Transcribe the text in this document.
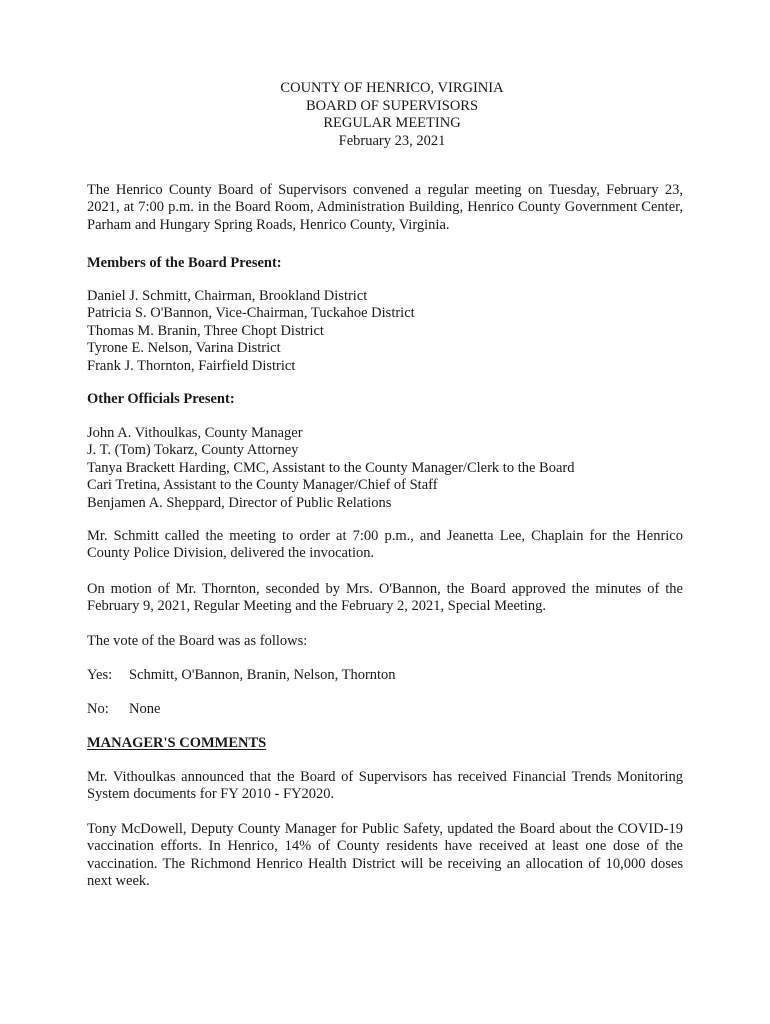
COUNTY OF HENRICO, VIRGINIA
BOARD OF SUPERVISORS
REGULAR MEETING
February 23, 2021
The Henrico County Board of Supervisors convened a regular meeting on Tuesday, February 23, 2021, at 7:00 p.m. in the Board Room, Administration Building, Henrico County Government Center, Parham and Hungary Spring Roads, Henrico County, Virginia.
Members of the Board Present:
Daniel J. Schmitt, Chairman, Brookland District
Patricia S. O'Bannon, Vice-Chairman, Tuckahoe District
Thomas M. Branin, Three Chopt District
Tyrone E. Nelson, Varina District
Frank J. Thornton, Fairfield District
Other Officials Present:
John A. Vithoulkas, County Manager
J. T. (Tom) Tokarz, County Attorney
Tanya Brackett Harding, CMC, Assistant to the County Manager/Clerk to the Board
Cari Tretina, Assistant to the County Manager/Chief of Staff
Benjamen A. Sheppard, Director of Public Relations
Mr. Schmitt called the meeting to order at 7:00 p.m., and Jeanetta Lee, Chaplain for the Henrico County Police Division, delivered the invocation.
On motion of Mr. Thornton, seconded by Mrs. O'Bannon, the Board approved the minutes of the February 9, 2021, Regular Meeting and the February 2, 2021, Special Meeting.
The vote of the Board was as follows:
Yes: Schmitt, O'Bannon, Branin, Nelson, Thornton
No: None
MANAGER'S COMMENTS
Mr. Vithoulkas announced that the Board of Supervisors has received Financial Trends Monitoring System documents for FY 2010 - FY2020.
Tony McDowell, Deputy County Manager for Public Safety, updated the Board about the COVID-19 vaccination efforts. In Henrico, 14% of County residents have received at least one dose of the vaccination. The Richmond Henrico Health District will be receiving an allocation of 10,000 doses next week.
